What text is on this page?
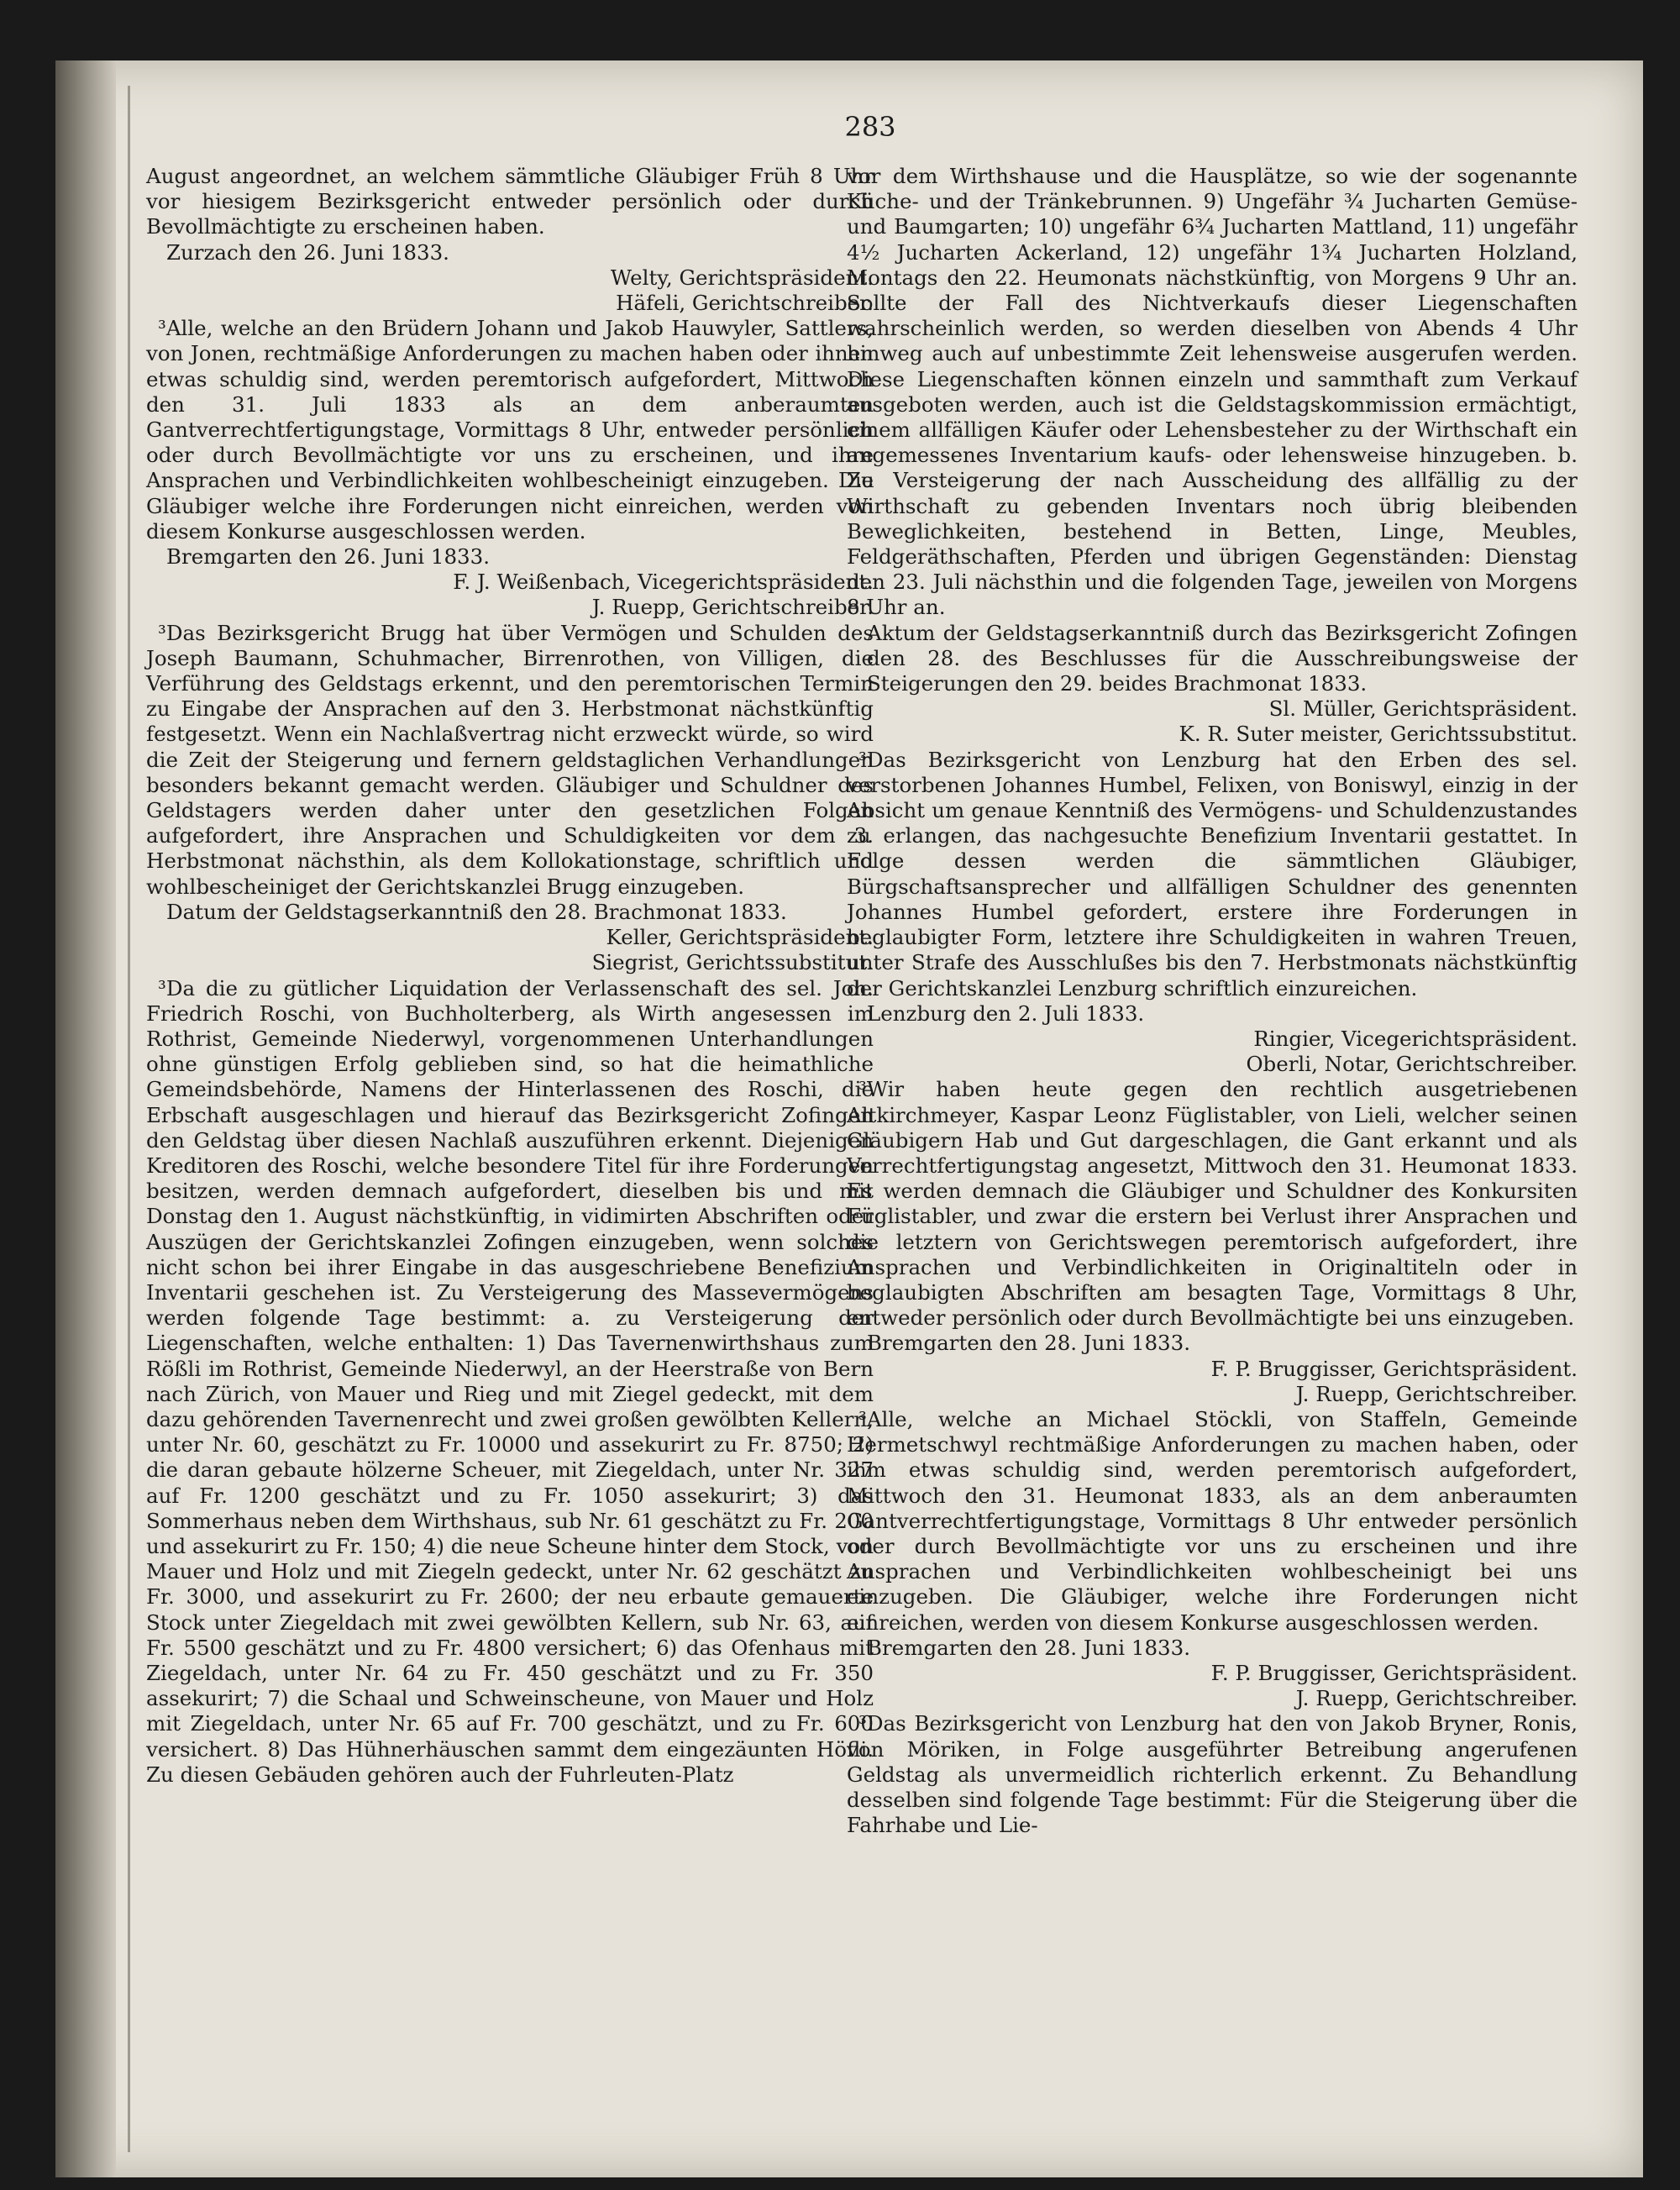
283

August angeordnet, an welchem sämmtliche Gläubiger Früh 8 Uhr vor hiesigem Bezirksgericht entweder persönlich oder durch Bevollmächtigte zu erscheinen haben.

Zurzach den 26. Juni 1833.

Welty, Gerichtspräsident.

Häfeli, Gerichtschreiber.

³Alle, welche an den Brüdern Johann und Jakob Hauwyler, Sattlers, von Jonen, rechtmäßige Anforderungen zu machen haben oder ihnen etwas schuldig sind, werden peremtorisch aufgefordert, Mittwoch den 31. Juli 1833 als an dem anberaumten Gantverrechtfertigungstage, Vormittags 8 Uhr, entweder persönlich oder durch Bevollmächtigte vor uns zu erscheinen, und ihre Ansprachen und Verbindlichkeiten wohlbescheinigt einzugeben. Die Gläubiger welche ihre Forderungen nicht einreichen, werden von diesem Konkurse ausgeschlossen werden.

Bremgarten den 26. Juni 1833.

F. J. Weißenbach, Vicegerichtspräsident.

J. Ruepp, Gerichtschreiber.

³Das Bezirksgericht Brugg hat über Vermögen und Schulden des Joseph Baumann, Schuhmacher, Birrenrothen, von Villigen, die Verführung des Geldstags erkennt, und den peremtorischen Termin zu Eingabe der Ansprachen auf den 3. Herbstmonat nächstkünftig festgesetzt. Wenn ein Nachlaßvertrag nicht erzweckt würde, so wird die Zeit der Steigerung und fernern geldstaglichen Verhandlungen besonders bekannt gemacht werden. Gläubiger und Schuldner des Geldstagers werden daher unter den gesetzlichen Folgen aufgefordert, ihre Ansprachen und Schuldigkeiten vor dem 3. Herbstmonat nächsthin, als dem Kollokationstage, schriftlich und wohlbescheiniget der Gerichtskanzlei Brugg einzugeben.

Datum der Geldstagserkanntniß den 28. Brachmonat 1833.

Keller, Gerichtspräsident.

Siegrist, Gerichtssubstitut.

³Da die zu gütlicher Liquidation der Verlassenschaft des sel. Joh. Friedrich Roschi, von Buchholterberg, als Wirth angesessen im Rothrist, Gemeinde Niederwyl, vorgenommenen Unterhandlungen ohne günstigen Erfolg geblieben sind, so hat die heimathliche Gemeindsbehörde, Namens der Hinterlassenen des Roschi, die Erbschaft ausgeschlagen und hierauf das Bezirksgericht Zofingen den Geldstag über diesen Nachlaß auszuführen erkennt. Diejenigen Kreditoren des Roschi, welche besondere Titel für ihre Forderungen besitzen, werden demnach aufgefordert, dieselben bis und mit Donstag den 1. August nächstkünftig, in vidimirten Abschriften oder Auszügen der Gerichtskanzlei Zofingen einzugeben, wenn solches nicht schon bei ihrer Eingabe in das ausgeschriebene Benefizium Inventarii geschehen ist. Zu Versteigerung des Massevermögens werden folgende Tage bestimmt: a. zu Versteigerung der Liegenschaften, welche enthalten: 1) Das Tavernenwirthshaus zum Rößli im Rothrist, Gemeinde Niederwyl, an der Heerstraße von Bern nach Zürich, von Mauer und Rieg und mit Ziegel gedeckt, mit dem dazu gehörenden Tavernenrecht und zwei großen gewölbten Kellern, unter Nr. 60, geschätzt zu Fr. 10000 und assekurirt zu Fr. 8750; 2) die daran gebaute hölzerne Scheuer, mit Ziegeldach, unter Nr. 327 auf Fr. 1200 geschätzt und zu Fr. 1050 assekurirt; 3) das Sommerhaus neben dem Wirthshaus, sub Nr. 61 geschätzt zu Fr. 200 und assekurirt zu Fr. 150; 4) die neue Scheune hinter dem Stock, von Mauer und Holz und mit Ziegeln gedeckt, unter Nr. 62 geschätzt zu Fr. 3000, und assekurirt zu Fr. 2600; der neu erbaute gemauerte Stock unter Ziegeldach mit zwei gewölbten Kellern, sub Nr. 63, auf Fr. 5500 geschätzt und zu Fr. 4800 versichert; 6) das Ofenhaus mit Ziegeldach, unter Nr. 64 zu Fr. 450 geschätzt und zu Fr. 350 assekurirt; 7) die Schaal und Schweinscheune, von Mauer und Holz mit Ziegeldach, unter Nr. 65 auf Fr. 700 geschätzt, und zu Fr. 600 versichert. 8) Das Hühnerhäuschen sammt dem eingezäunten Höfli. Zu diesen Gebäuden gehören auch der Fuhrleuten-Platz

vor dem Wirthshause und die Hausplätze, so wie der sogenannte Küche- und der Tränkebrunnen. 9) Ungefähr ¾ Jucharten Gemüse- und Baumgarten; 10) ungefähr 6¾ Jucharten Mattland, 11) ungefähr 4½ Jucharten Ackerland, 12) ungefähr 1¾ Jucharten Holzland, Montags den 22. Heumonats nächstkünftig, von Morgens 9 Uhr an. Sollte der Fall des Nichtverkaufs dieser Liegenschaften wahrscheinlich werden, so werden dieselben von Abends 4 Uhr hinweg auch auf unbestimmte Zeit lehensweise ausgerufen werden. Diese Liegenschaften können einzeln und sammthaft zum Verkauf ausgeboten werden, auch ist die Geldstagskommission ermächtigt, einem allfälligen Käufer oder Lehensbesteher zu der Wirthschaft ein angemessenes Inventarium kaufs- oder lehensweise hinzugeben. b. Zu Versteigerung der nach Ausscheidung des allfällig zu der Wirthschaft zu gebenden Inventars noch übrig bleibenden Beweglichkeiten, bestehend in Betten, Linge, Meubles, Feldgeräthschaften, Pferden und übrigen Gegenständen: Dienstag den 23. Juli nächsthin und die folgenden Tage, jeweilen von Morgens 8 Uhr an.

Aktum der Geldstagserkanntniß durch das Bezirksgericht Zofingen den 28. des Beschlusses für die Ausschreibungsweise der Steigerungen den 29. beides Brachmonat 1833.

Sl. Müller, Gerichtspräsident.

K. R. Suter meister, Gerichtssubstitut.

³Das Bezirksgericht von Lenzburg hat den Erben des sel. verstorbenen Johannes Humbel, Felixen, von Boniswyl, einzig in der Absicht um genaue Kenntniß des Vermögens- und Schuldenzustandes zu erlangen, das nachgesuchte Benefizium Inventarii gestattet. In Folge dessen werden die sämmtlichen Gläubiger, Bürgschaftsansprecher und allfälligen Schuldner des genennten Johannes Humbel gefordert, erstere ihre Forderungen in beglaubigter Form, letztere ihre Schuldigkeiten in wahren Treuen, unter Strafe des Ausschlußes bis den 7. Herbstmonats nächstkünftig der Gerichtskanzlei Lenzburg schriftlich einzureichen.

Lenzburg den 2. Juli 1833.

Ringier, Vicegerichtspräsident.

Oberli, Notar, Gerichtschreiber.

³Wir haben heute gegen den rechtlich ausgetriebenen Altkirchmeyer, Kaspar Leonz Füglistabler, von Lieli, welcher seinen Gläubigern Hab und Gut dargeschlagen, die Gant erkannt und als Verrechtfertigungstag angesetzt, Mittwoch den 31. Heumonat 1833. Es werden demnach die Gläubiger und Schuldner des Konkursiten Füglistabler, und zwar die erstern bei Verlust ihrer Ansprachen und die letztern von Gerichtswegen peremtorisch aufgefordert, ihre Ansprachen und Verbindlichkeiten in Originaltiteln oder in beglaubigten Abschriften am besagten Tage, Vormittags 8 Uhr, entweder persönlich oder durch Bevollmächtigte bei uns einzugeben.

Bremgarten den 28. Juni 1833.

F. P. Bruggisser, Gerichtspräsident.

J. Ruepp, Gerichtschreiber.

³Alle, welche an Michael Stöckli, von Staffeln, Gemeinde Hermetschwyl rechtmäßige Anforderungen zu machen haben, oder ihm etwas schuldig sind, werden peremtorisch aufgefordert, Mittwoch den 31. Heumonat 1833, als an dem anberaumten Gantverrechtfertigungstage, Vormittags 8 Uhr entweder persönlich oder durch Bevollmächtigte vor uns zu erscheinen und ihre Ansprachen und Verbindlichkeiten wohlbescheinigt bei uns einzugeben. Die Gläubiger, welche ihre Forderungen nicht einreichen, werden von diesem Konkurse ausgeschlossen werden.

Bremgarten den 28. Juni 1833.

F. P. Bruggisser, Gerichtspräsident.

J. Ruepp, Gerichtschreiber.

³Das Bezirksgericht von Lenzburg hat den von Jakob Bryner, Ronis, von Möriken, in Folge ausgeführter Betreibung angerufenen Geldstag als unvermeidlich richterlich erkennt. Zu Behandlung desselben sind folgende Tage bestimmt: Für die Steigerung über die Fahrhabe und Lie-
